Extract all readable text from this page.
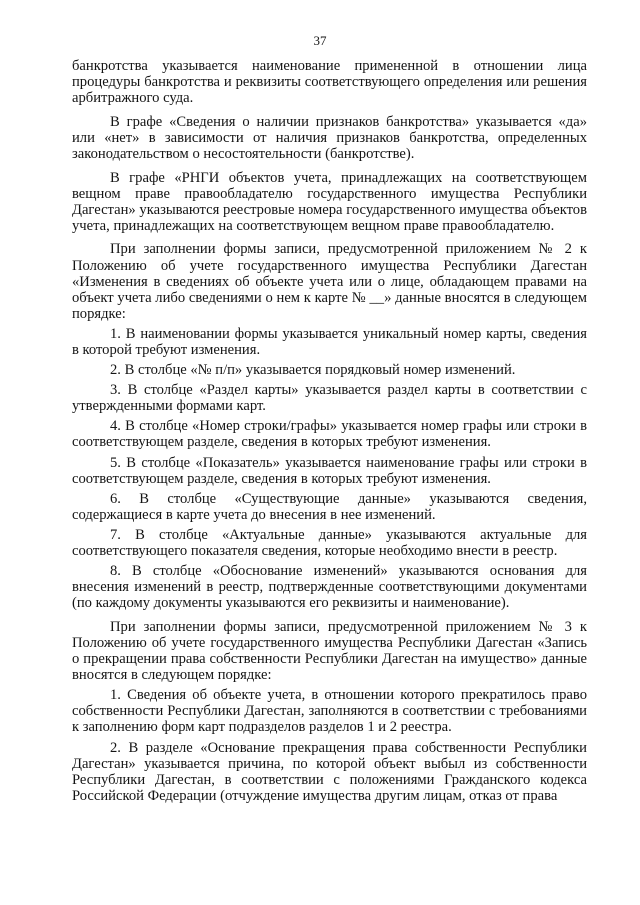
37

банкротства указывается наименование примененной в отношении лица процедуры банкротства и реквизиты соответствующего определения или решения арбитражного суда.

В графе «Сведения о наличии признаков банкротства» указывается «да» или «нет» в зависимости от наличия признаков банкротства, определенных законодательством о несостоятельности (банкротстве).

В графе «РНГИ объектов учета, принадлежащих на соответствующем вещном праве правообладателю государственного имущества Республики Дагестан» указываются реестровые номера государственного имущества объектов учета, принадлежащих на соответствующем вещном праве правообладателю.

При заполнении формы записи, предусмотренной приложением № 2 к Положению об учете государственного имущества Республики Дагестан «Изменения в сведениях об объекте учета или о лице, обладающем правами на объект учета либо сведениями о нем к карте № __» данные вносятся в следующем порядке:

1. В наименовании формы указывается уникальный номер карты, сведения в которой требуют изменения.

2. В столбце «№ п/п» указывается порядковый номер изменений.

3. В столбце «Раздел карты» указывается раздел карты в соответствии с утвержденными формами карт.

4. В столбце «Номер строки/графы» указывается номер графы или строки в соответствующем разделе, сведения в которых требуют изменения.

5. В столбце «Показатель» указывается наименование графы или строки в соответствующем разделе, сведения в которых требуют изменения.

6. В столбце «Существующие данные» указываются сведения, содержащиеся в карте учета до внесения в нее изменений.

7. В столбце «Актуальные данные» указываются актуальные для соответствующего показателя сведения, которые необходимо внести в реестр.

8. В столбце «Обоснование изменений» указываются основания для внесения изменений в реестр, подтвержденные соответствующими документами (по каждому документы указываются его реквизиты и наименование).

При заполнении формы записи, предусмотренной приложением № 3 к Положению об учете государственного имущества Республики Дагестан «Запись о прекращении права собственности Республики Дагестан на имущество» данные вносятся в следующем порядке:

1. Сведения об объекте учета, в отношении которого прекратилось право собственности Республики Дагестан, заполняются в соответствии с требованиями к заполнению форм карт подразделов разделов 1 и 2 реестра.

2. В разделе «Основание прекращения права собственности Республики Дагестан» указывается причина, по которой объект выбыл из собственности Республики Дагестан, в соответствии с положениями Гражданского кодекса Российской Федерации (отчуждение имущества другим лицам, отказ от права
